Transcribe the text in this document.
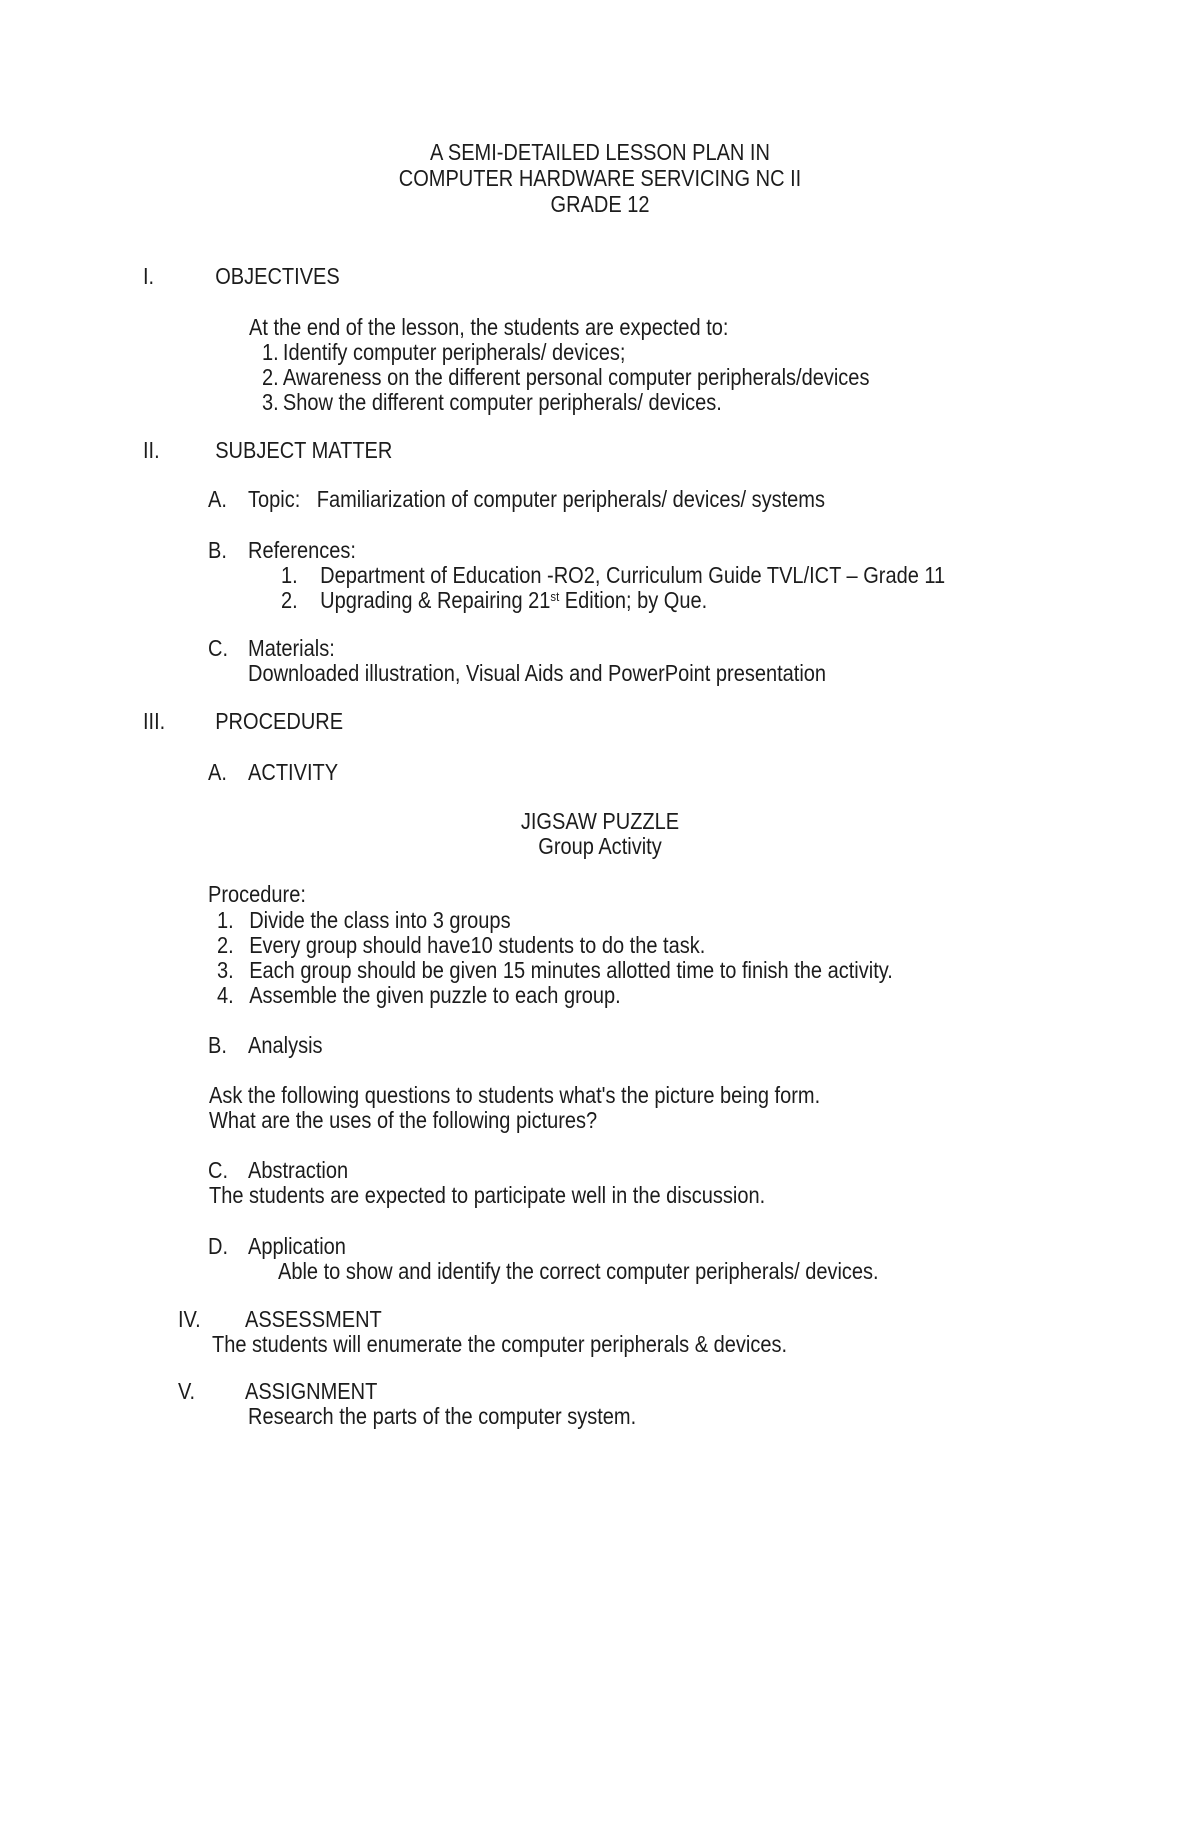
A SEMI-DETAILED LESSON PLAN IN
COMPUTER HARDWARE SERVICING NC II
GRADE 12
I.	OBJECTIVES
At the end of the lesson, the students are expected to:
1. Identify computer peripherals/ devices;
2. Awareness on the different personal computer peripherals/devices
3. Show the different computer peripherals/ devices.
II. SUBJECT MATTER
A. Topic: Familiarization of computer peripherals/ devices/ systems
B. References:
1. Department of Education -RO2, Curriculum Guide TVL/ICT – Grade 11
2. Upgrading & Repairing 21st Edition; by Que.
C. Materials:
Downloaded illustration, Visual Aids and PowerPoint presentation
III. PROCEDURE
A. ACTIVITY
JIGSAW PUZZLE
Group Activity
Procedure:
1. Divide the class into 3 groups
2. Every group should have10 students to do the task.
3. Each group should be given 15 minutes allotted time to finish the activity.
4. Assemble the given puzzle to each group.
B. Analysis
Ask the following questions to students what's the picture being form.
What are the uses of the following pictures?
C. Abstraction
The students are expected to participate well in the discussion.
D. Application
Able to show and identify the correct computer peripherals/ devices.
IV. ASSESSMENT
The students will enumerate the computer peripherals & devices.
V. ASSIGNMENT
Research the parts of the computer system.
